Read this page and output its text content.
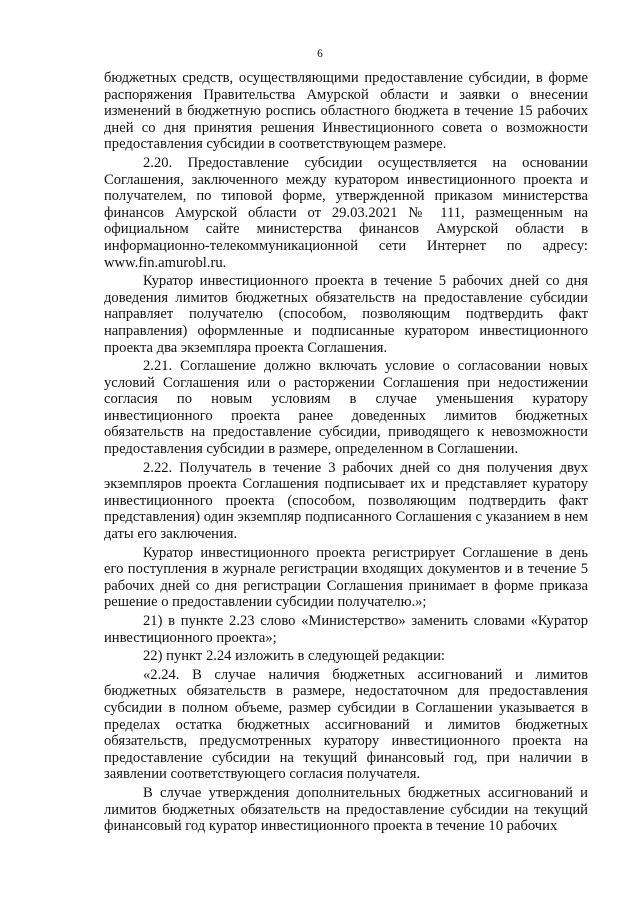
6

бюджетных средств, осуществляющими предоставление субсидии, в форме распоряжения Правительства Амурской области и заявки о внесении изменений в бюджетную роспись областного бюджета в течение 15 рабочих дней со дня принятия решения Инвестиционного совета о возможности предоставления субсидии в соответствующем размере.

2.20. Предоставление субсидии осуществляется на основании Соглашения, заключенного между куратором инвестиционного проекта и получателем, по типовой форме, утвержденной приказом министерства финансов Амурской области от 29.03.2021 № 111, размещенным на официальном сайте министерства финансов Амурской области в информационно-телекоммуникационной сети Интернет по адресу: www.fin.amurobl.ru.

Куратор инвестиционного проекта в течение 5 рабочих дней со дня доведения лимитов бюджетных обязательств на предоставление субсидии направляет получателю (способом, позволяющим подтвердить факт направления) оформленные и подписанные куратором инвестиционного проекта два экземпляра проекта Соглашения.

2.21. Соглашение должно включать условие о согласовании новых условий Соглашения или о расторжении Соглашения при недостижении согласия по новым условиям в случае уменьшения куратору инвестиционного проекта ранее доведенных лимитов бюджетных обязательств на предоставление субсидии, приводящего к невозможности предоставления субсидии в размере, определенном в Соглашении.

2.22. Получатель в течение 3 рабочих дней со дня получения двух экземпляров проекта Соглашения подписывает их и представляет куратору инвестиционного проекта (способом, позволяющим подтвердить факт представления) один экземпляр подписанного Соглашения с указанием в нем даты его заключения.

Куратор инвестиционного проекта регистрирует Соглашение в день его поступления в журнале регистрации входящих документов и в течение 5 рабочих дней со дня регистрации Соглашения принимает в форме приказа решение о предоставлении субсидии получателю.»;

21) в пункте 2.23 слово «Министерство» заменить словами «Куратор инвестиционного проекта»;

22) пункт 2.24 изложить в следующей редакции:

«2.24. В случае наличия бюджетных ассигнований и лимитов бюджетных обязательств в размере, недостаточном для предоставления субсидии в полном объеме, размер субсидии в Соглашении указывается в пределах остатка бюджетных ассигнований и лимитов бюджетных обязательств, предусмотренных куратору инвестиционного проекта на предоставление субсидии на текущий финансовый год, при наличии в заявлении соответствующего согласия получателя.

В случае утверждения дополнительных бюджетных ассигнований и лимитов бюджетных обязательств на предоставление субсидии на текущий финансовый год куратор инвестиционного проекта в течение 10 рабочих
